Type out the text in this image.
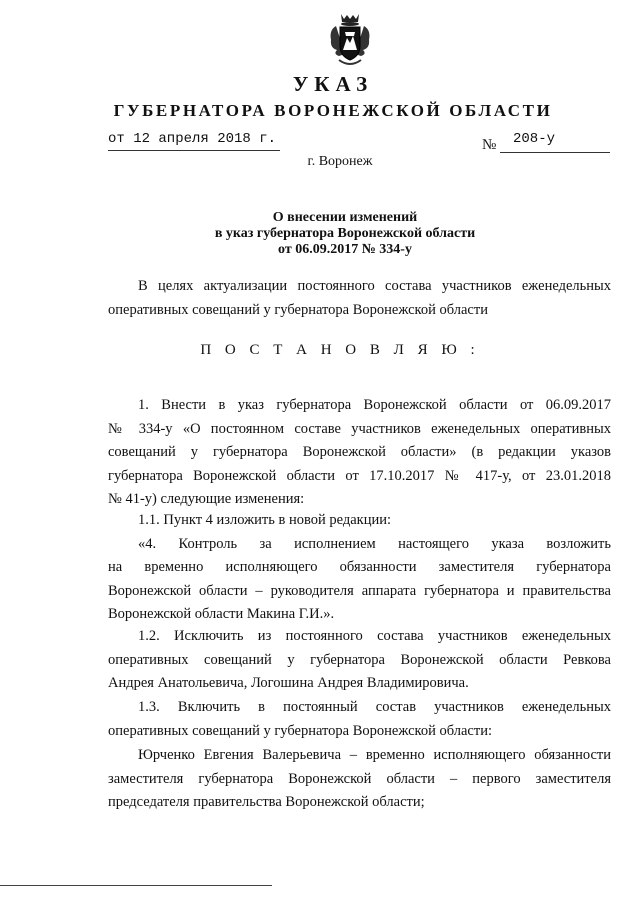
УКАЗ
ГУБЕРНАТОРА ВОРОНЕЖСКОЙ ОБЛАСТИ
от 12 апреля 2018 г.	№ 208-у
г. Воронеж
О внесении изменений
в указ губернатора Воронежской области
от 06.09.2017 № 334-у
В целях актуализации постоянного состава участников еженедельных
оперативных совещаний у губернатора Воронежской области
П О С Т А Н О В Л Я Ю :
1. Внести в указ губернатора Воронежской области от 06.09.2017
№ 334-у «О постоянном составе участников еженедельных оперативных
совещаний у губернатора Воронежской области» (в редакции указов
губернатора Воронежской области от 17.10.2017 № 417-у, от 23.01.2018
№ 41-у) следующие изменения:
1.1. Пункт 4 изложить в новой редакции:
«4. Контроль за исполнением настоящего указа возложить
на временно исполняющего обязанности заместителя губернатора
Воронежской области – руководителя аппарата губернатора и правительства
Воронежской области Макина Г.И.».
1.2. Исключить из постоянного состава участников еженедельных
оперативных совещаний у губернатора Воронежской области Ревкова
Андрея Анатольевича, Логошина Андрея Владимировича.
1.3. Включить в постоянный состав участников еженедельных
оперативных совещаний у губернатора Воронежской области:
Юрченко Евгения Валерьевича – временно исполняющего обязанности
заместителя губернатора Воронежской области – первого заместителя
председателя правительства Воронежской области;
